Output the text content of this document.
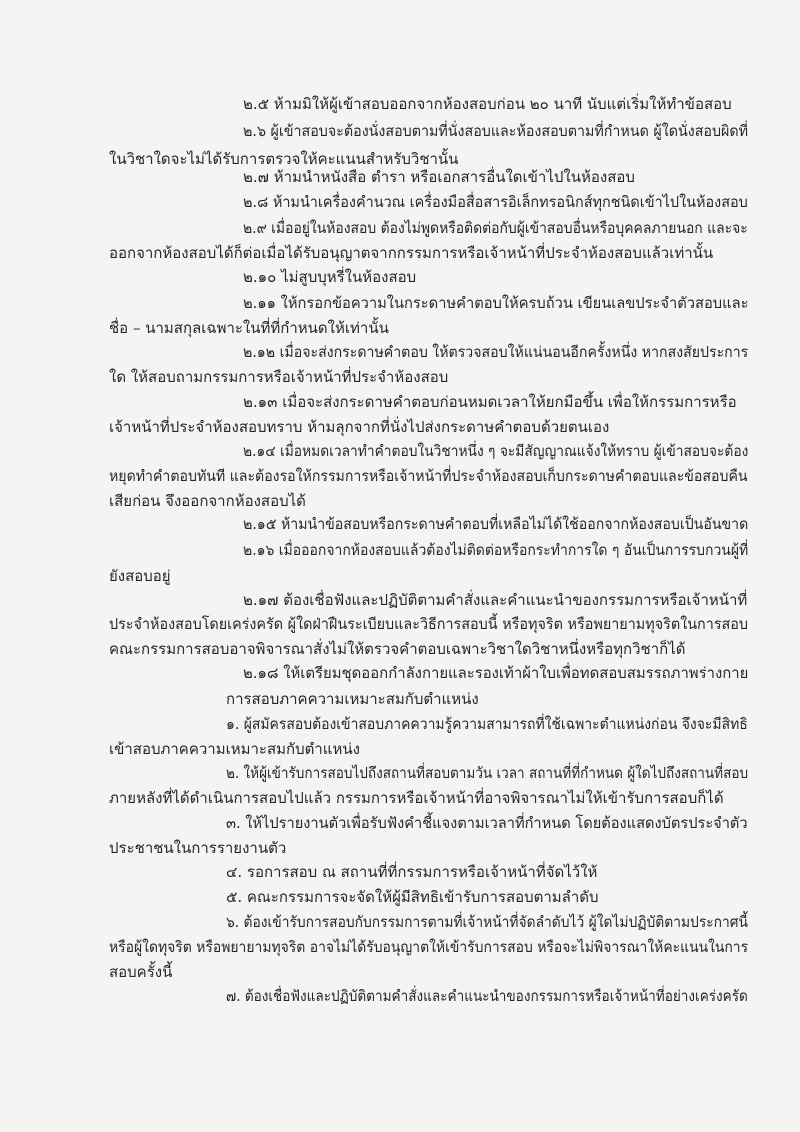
๒.๕ ห้ามมิให้ผู้เข้าสอบออกจากห้องสอบก่อน ๒๐ นาที นับแต่เริ่มให้ทำข้อสอบ
๒.๖ ผู้เข้าสอบจะต้องนั่งสอบตามที่นั่งสอบและห้องสอบตามที่กำหนด ผู้ใดนั่งสอบผิดที่
ในวิชาใดจะไม่ได้รับการตรวจให้คะแนนสำหรับวิชานั้น
๒.๗ ห้ามนำหนังสือ ตำรา หรือเอกสารอื่นใดเข้าไปในห้องสอบ
๒.๘ ห้ามนำเครื่องคำนวณ เครื่องมือสื่อสารอิเล็กทรอนิกส์ทุกชนิดเข้าไปในห้องสอบ
๒.๙ เมื่ออยู่ในห้องสอบ ต้องไม่พูดหรือติดต่อกับผู้เข้าสอบอื่นหรือบุคคลภายนอก และจะ
ออกจากห้องสอบได้ก็ต่อเมื่อได้รับอนุญาตจากกรรมการหรือเจ้าหน้าที่ประจำห้องสอบแล้วเท่านั้น
๒.๑๐ ไม่สูบบุหรี่ในห้องสอบ
๒.๑๑ ให้กรอกข้อความในกระดาษคำตอบให้ครบถ้วน เขียนเลขประจำตัวสอบและ
ชื่อ – นามสกุลเฉพาะในที่ที่กำหนดให้เท่านั้น
๒.๑๒ เมื่อจะส่งกระดาษคำตอบ ให้ตรวจสอบให้แน่นอนอีกครั้งหนึ่ง หากสงสัยประการ
ใด ให้สอบถามกรรมการหรือเจ้าหน้าที่ประจำห้องสอบ
๒.๑๓ เมื่อจะส่งกระดาษคำตอบก่อนหมดเวลาให้ยกมือขึ้น เพื่อให้กรรมการหรือ
เจ้าหน้าที่ประจำห้องสอบทราบ ห้ามลุกจากที่นั่งไปส่งกระดาษคำตอบด้วยตนเอง
๒.๑๔ เมื่อหมดเวลาทำคำตอบในวิชาหนึ่ง ๆ จะมีสัญญาณแจ้งให้ทราบ ผู้เข้าสอบจะต้อง
หยุดทำคำตอบทันที และต้องรอให้กรรมการหรือเจ้าหน้าที่ประจำห้องสอบเก็บกระดาษคำตอบและข้อสอบคืน
เสียก่อน จึงออกจากห้องสอบได้
๒.๑๕ ห้ามนำข้อสอบหรือกระดาษคำตอบที่เหลือไม่ได้ใช้ออกจากห้องสอบเป็นอันขาด
๒.๑๖ เมื่อออกจากห้องสอบแล้วต้องไม่ติดต่อหรือกระทำการใด ๆ อันเป็นการรบกวนผู้ที่
ยังสอบอยู่
๒.๑๗ ต้องเชื่อฟังและปฏิบัติตามคำสั่งและคำแนะนำของกรรมการหรือเจ้าหน้าที่
ประจำห้องสอบโดยเคร่งครัด ผู้ใดฝ่าฝืนระเบียบและวิธีการสอบนี้ หรือทุจริต หรือพยายามทุจริตในการสอบ
คณะกรรมการสอบอาจพิจารณาสั่งไม่ให้ตรวจคำตอบเฉพาะวิชาใดวิชาหนึ่งหรือทุกวิชาก็ได้
๒.๑๘ ให้เตรียมชุดออกกำลังกายและรองเท้าผ้าใบเพื่อทดสอบสมรรถภาพร่างกาย
การสอบภาคความเหมาะสมกับตำแหน่ง
๑. ผู้สมัครสอบต้องเข้าสอบภาคความรู้ความสามารถที่ใช้เฉพาะตำแหน่งก่อน จึงจะมีสิทธิ
เข้าสอบภาคความเหมาะสมกับตำแหน่ง
๒. ให้ผู้เข้ารับการสอบไปถึงสถานที่สอบตามวัน เวลา สถานที่ที่กำหนด ผู้ใดไปถึงสถานที่สอบ
ภายหลังที่ได้ดำเนินการสอบไปแล้ว กรรมการหรือเจ้าหน้าที่อาจพิจารณาไม่ให้เข้ารับการสอบก็ได้
๓. ให้ไปรายงานตัวเพื่อรับฟังคำชี้แจงตามเวลาที่กำหนด โดยต้องแสดงบัตรประจำตัว
ประชาชนในการรายงานตัว
๔. รอการสอบ ณ สถานที่ที่กรรมการหรือเจ้าหน้าที่จัดไว้ให้
๕. คณะกรรมการจะจัดให้ผู้มีสิทธิเข้ารับการสอบตามลำดับ
๖. ต้องเข้ารับการสอบกับกรรมการตามที่เจ้าหน้าที่จัดลำดับไว้ ผู้ใดไม่ปฏิบัติตามประกาศนี้
หรือผู้ใดทุจริต หรือพยายามทุจริต อาจไม่ได้รับอนุญาตให้เข้ารับการสอบ หรือจะไม่พิจารณาให้คะแนนในการ
สอบครั้งนี้
๗. ต้องเชื่อฟังและปฏิบัติตามคำสั่งและคำแนะนำของกรรมการหรือเจ้าหน้าที่อย่างเคร่งครัด
